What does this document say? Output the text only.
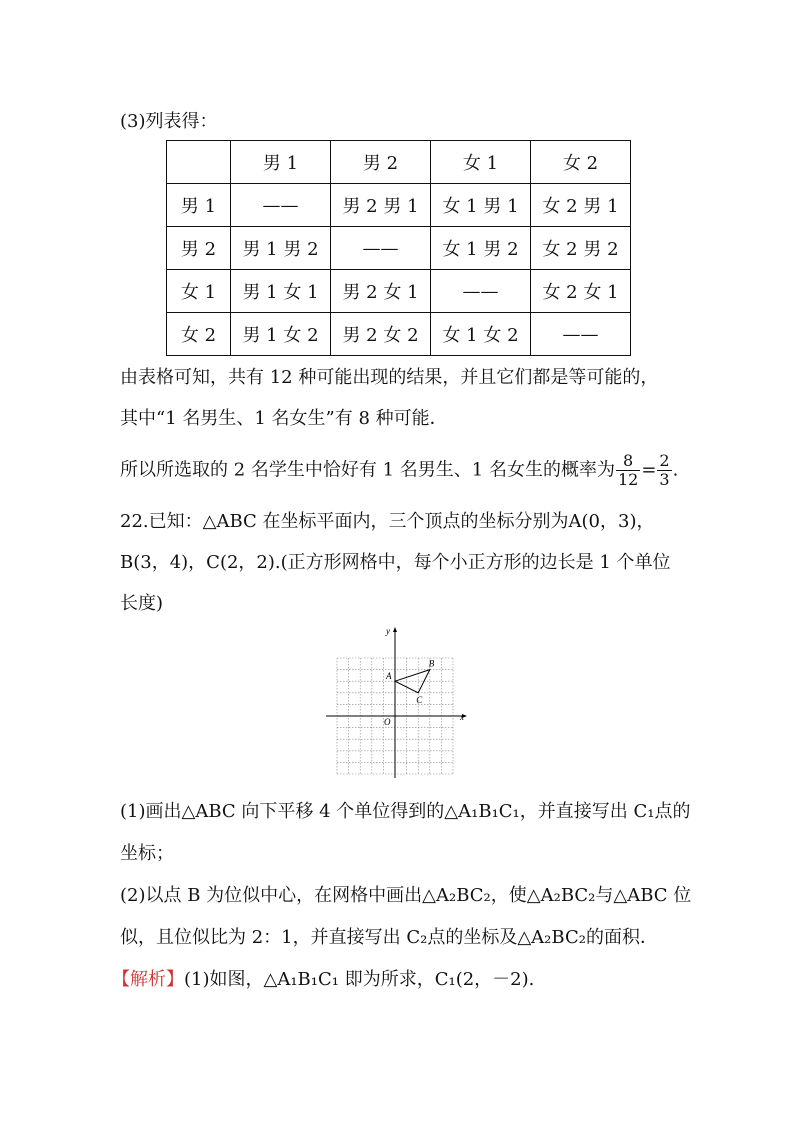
(3)列表得：
	男 1	男 2	女 1	女 2
男 1	——	男 2 男 1	女 1 男 1	女 2 男 1
男 2	男 1 男 2	——	女 1 男 2	女 2 男 2
女 1	男 1 女 1	男 2 女 1	——	女 2 女 1
女 2	男 1 女 2	男 2 女 2	女 1 女 2	——
由表格可知，共有 12 种可能出现的结果，并且它们都是等可能的，
其中“1 名男生、1 名女生”有 8 种可能．
所以所选取的 2 名学生中恰好有 1 名男生、1 名女生的概率为 $\frac{8}{12} = \frac{2}{3}$ .
22.已知：△ABC 在坐标平面内，三个顶点的坐标分别为A(0，3)，
B(3，4)，C(2，2).(正方形网格中，每个小正方形的边长是 1 个单位
长度)
x
y
O
A
B
C
(1)画出△ABC 向下平移 4 个单位得到的△A₁B₁C₁，并直接写出 C₁点的
坐标；
(2)以点 B 为位似中心，在网格中画出△A₂BC₂，使△A₂BC₂与△ABC 位
似，且位似比为 2：1，并直接写出 C₂点的坐标及△A₂BC₂的面积．
【解析】(1)如图，△A₁B₁C₁ 即为所求，C₁(2，－2).
